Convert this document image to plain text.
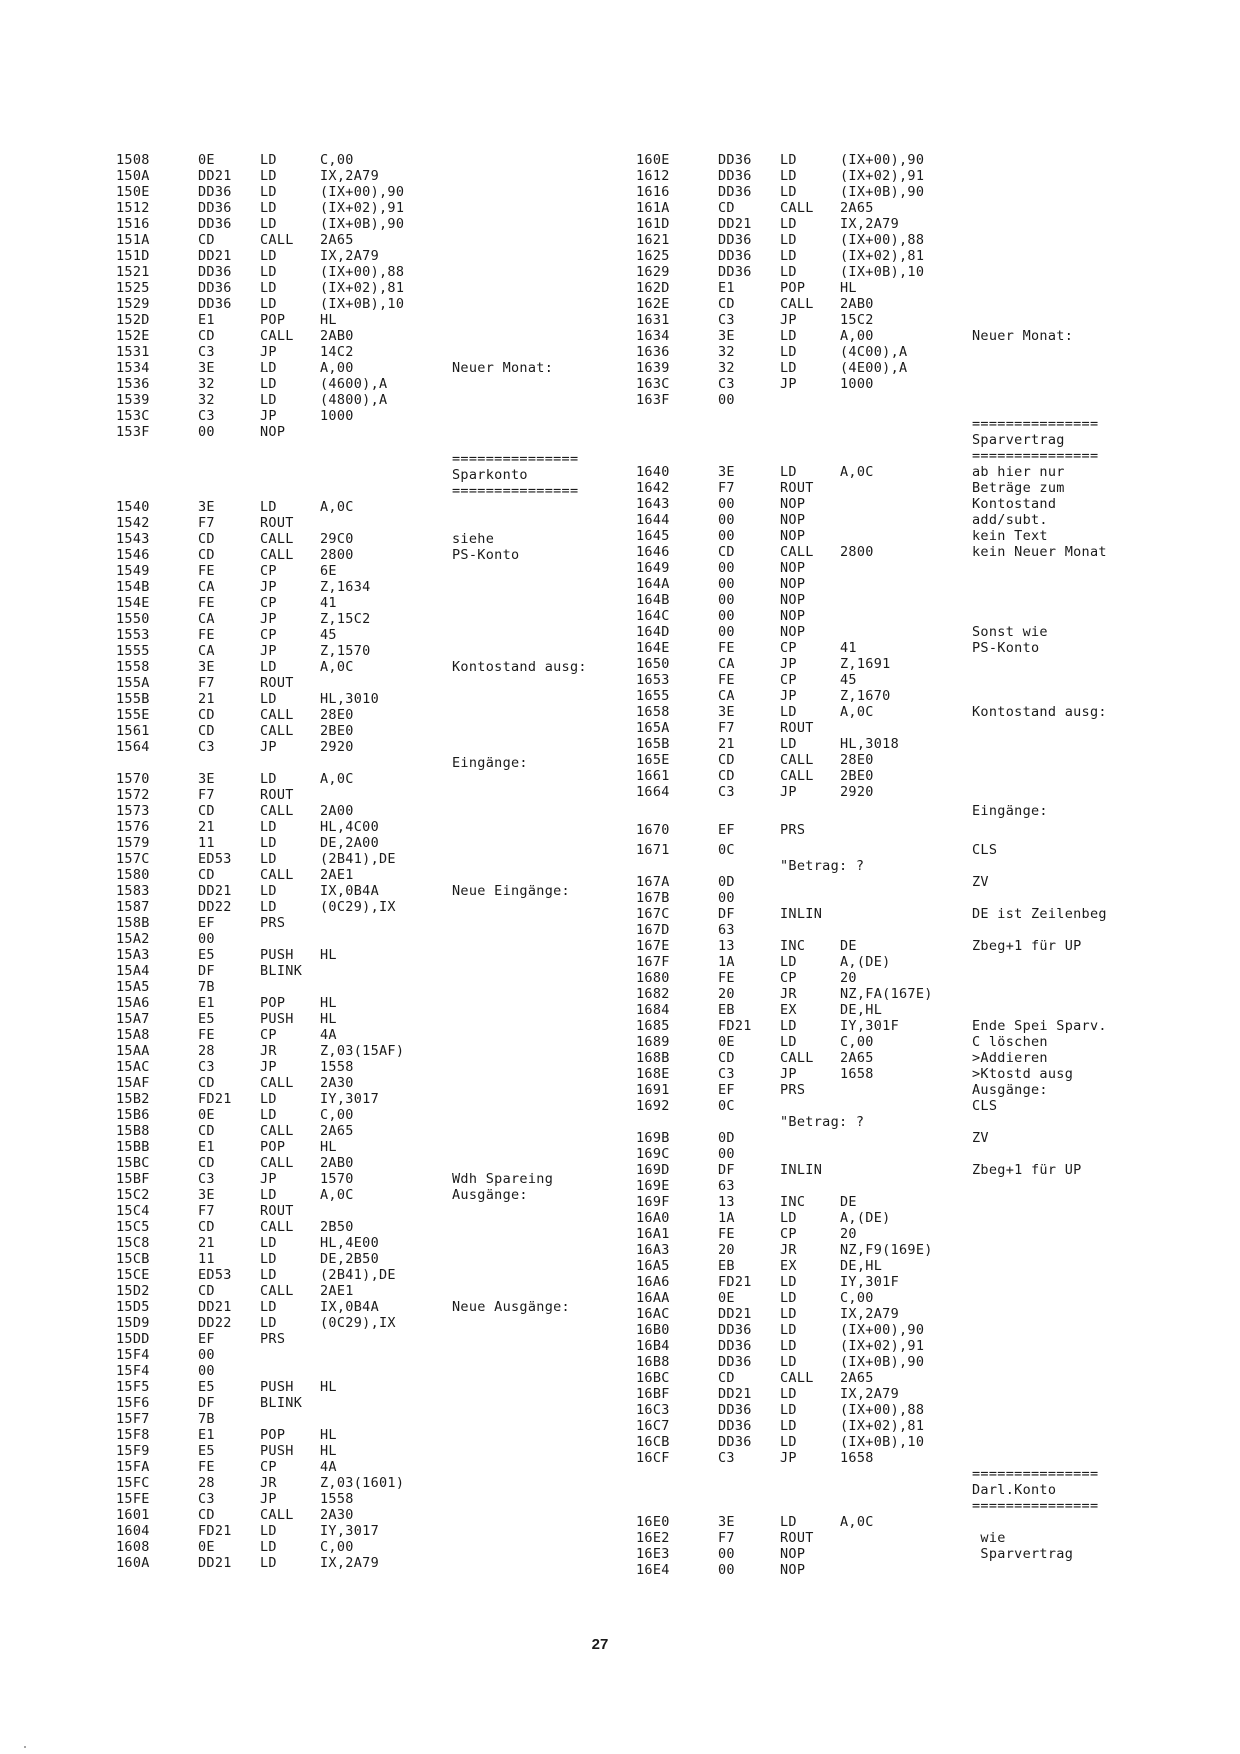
1508	0E	LD	C,00
150A	DD21 LD	IX,2A79
150E	DD36 LD	(IX+00),90
1512	DD36 LD	(IX+02),91
1516	DD36 LD	(IX+0B),90
151A	CD	CALL 2A65
151D	DD21 LD	IX,2A79
1521	DD36 LD	(IX+00),88
1525	DD36 LD	(IX+02),81
1529	DD36 LD	(IX+0B),10
152D	E1	POP	HL
152E	CD	CALL 2AB0
1531	C3	JP	14C2
1534	3E	LD	A,00	Neuer Monat:
1536	32	LD	(4600),A
1539	32	LD	(4800),A
153C	C3	JP	1000
153F	00	NOP
===============
Sparkonto
===============
1540	3E	LD	A,0C
1542	F7	ROUT
1543	CD	CALL 29C0	siehe
1546	CD	CALL 2800	PS-Konto
1549	FE	CP	6E
154B	CA	JP	Z,1634
154E	FE	CP	41
1550	CA	JP	Z,15C2
1553	FE	CP	45
1555	CA	JP	Z,1570
1558	3E	LD	A,0C	Kontostand ausg:
155A	F7	ROUT
155B	21	LD	HL,3010
155E	CD	CALL 28E0
1561	CD	CALL 2BE0
1564	C3	JP	2920
Eingänge:
1570	3E	LD	A,0C
1572	F7	ROUT
1573	CD	CALL 2A00
1576	21	LD	HL,4C00
1579	11	LD	DE,2A00
157C	ED53 LD	(2B41),DE
1580	CD	CALL 2AE1
1583	DD21 LD	IX,0B4A	Neue Eingänge:
1587	DD22 LD	(0C29),IX
158B	EF	PRS
15A2	00
15A3	E5	PUSH HL
15A4	DF	BLINK
15A5	7B
15A6	E1	POP	HL
15A7	E5	PUSH HL
15A8	FE	CP	4A
15AA	28	JR	Z,03(15AF)
15AC	C3	JP	1558
15AF	CD	CALL 2A30
15B2	FD21 LD	IY,3017
15B6	0E	LD	C,00
15B8	CD	CALL 2A65
15BB	E1	POP	HL
15BC	CD	CALL 2AB0
15BF	C3	JP	1570	Wdh Spareing
15C2	3E	LD	A,0C	Ausgänge:
15C4	F7	ROUT
15C5	CD	CALL 2B50
15C8	21	LD	HL,4E00
15CB	11	LD	DE,2B50
15CE	ED53 LD	(2B41),DE
15D2	CD	CALL 2AE1
15D5	DD21 LD	IX,0B4A	Neue Ausgänge:
15D9	DD22 LD	(0C29),IX
15DD	EF	PRS
15F4	00
15F4	00
15F5	E5	PUSH HL
15F6	DF	BLINK
15F7	7B
15F8	E1	POP	HL
15F9	E5	PUSH HL
15FA	FE	CP	4A
15FC	28	JR	Z,03(1601)
15FE	C3	JP	1558
1601	CD	CALL 2A30
1604	FD21 LD	IY,3017
1608	0E	LD	C,00
160A	DD21 LD	IX,2A79
160E	DD36 LD	(IX+00),90
1612	DD36 LD	(IX+02),91
1616	DD36 LD	(IX+0B),90
161A	CD	CALL 2A65
161D	DD21 LD	IX,2A79
1621	DD36 LD	(IX+00),88
1625	DD36 LD	(IX+02),81
1629	DD36 LD	(IX+0B),10
162D	E1	POP	HL
162E	CD	CALL 2AB0
1631	C3	JP	15C2
1634	3E	LD	A,00	Neuer Monat:
1636	32	LD	(4C00),A
1639	32	LD	(4E00),A
163C	C3	JP	1000
163F	00
===============
Sparvertrag
===============
1640	3E	LD	A,0C	ab hier nur
1642	F7	ROUT	Beträge zum
1643	00	NOP	Kontostand
1644	00	NOP	add/subt.
1645	00	NOP	kein Text
1646	CD	CALL 2800	kein Neuer Monat
1649	00	NOP
164A	00	NOP
164B	00	NOP
164C	00	NOP
164D	00	NOP	Sonst wie
164E	FE	CP	41	PS-Konto
1650	CA	JP	Z,1691
1653	FE	CP	45
1655	CA	JP	Z,1670
1658	3E	LD	A,0C	Kontostand ausg:
165A	F7	ROUT
165B	21	LD	HL,3018
165E	CD	CALL 28E0
1661	CD	CALL 2BE0
1664	C3	JP	2920
Eingänge:
1670	EF	PRS
1671	0C	CLS
"Betrag: ?
167A	0D	ZV
167B	00
167C	DF	INLIN	DE ist Zeilenbeg
167D	63
167E	13	INC	DE	Zbeg+1 für UP
167F	1A	LD	A,(DE)
1680	FE	CP	20
1682	20	JR	NZ,FA(167E)
1684	EB	EX	DE,HL
1685	FD21 LD	IY,301F	Ende Spei Sparv.
1689	0E	LD	C,00	C löschen
168B	CD	CALL 2A65	>Addieren
168E	C3	JP	1658	>Ktostd ausg
1691	EF	PRS	Ausgänge:
1692	0C	CLS
"Betrag: ?
169B	0D	ZV
169C	00
169D	DF	INLIN	Zbeg+1 für UP
169E	63
169F	13	INC	DE
16A0	1A	LD	A,(DE)
16A1	FE	CP	20
16A3	20	JR	NZ,F9(169E)
16A5	EB	EX	DE,HL
16A6	FD21 LD	IY,301F
16AA	0E	LD	C,00
16AC	DD21 LD	IX,2A79
16B0	DD36 LD	(IX+00),90
16B4	DD36 LD	(IX+02),91
16B8	DD36 LD	(IX+0B),90
16BC	CD	CALL 2A65
16BF	DD21 LD	IX,2A79
16C3	DD36 LD	(IX+00),88
16C7	DD36 LD	(IX+02),81
16CB	DD36 LD	(IX+0B),10
16CF	C3	JP	1658
===============
Darl.Konto
===============
16E0	3E	LD	A,0C
16E2	F7	ROUT	wie
16E3	00	NOP	Sparvertrag
16E4	00	NOP
27
